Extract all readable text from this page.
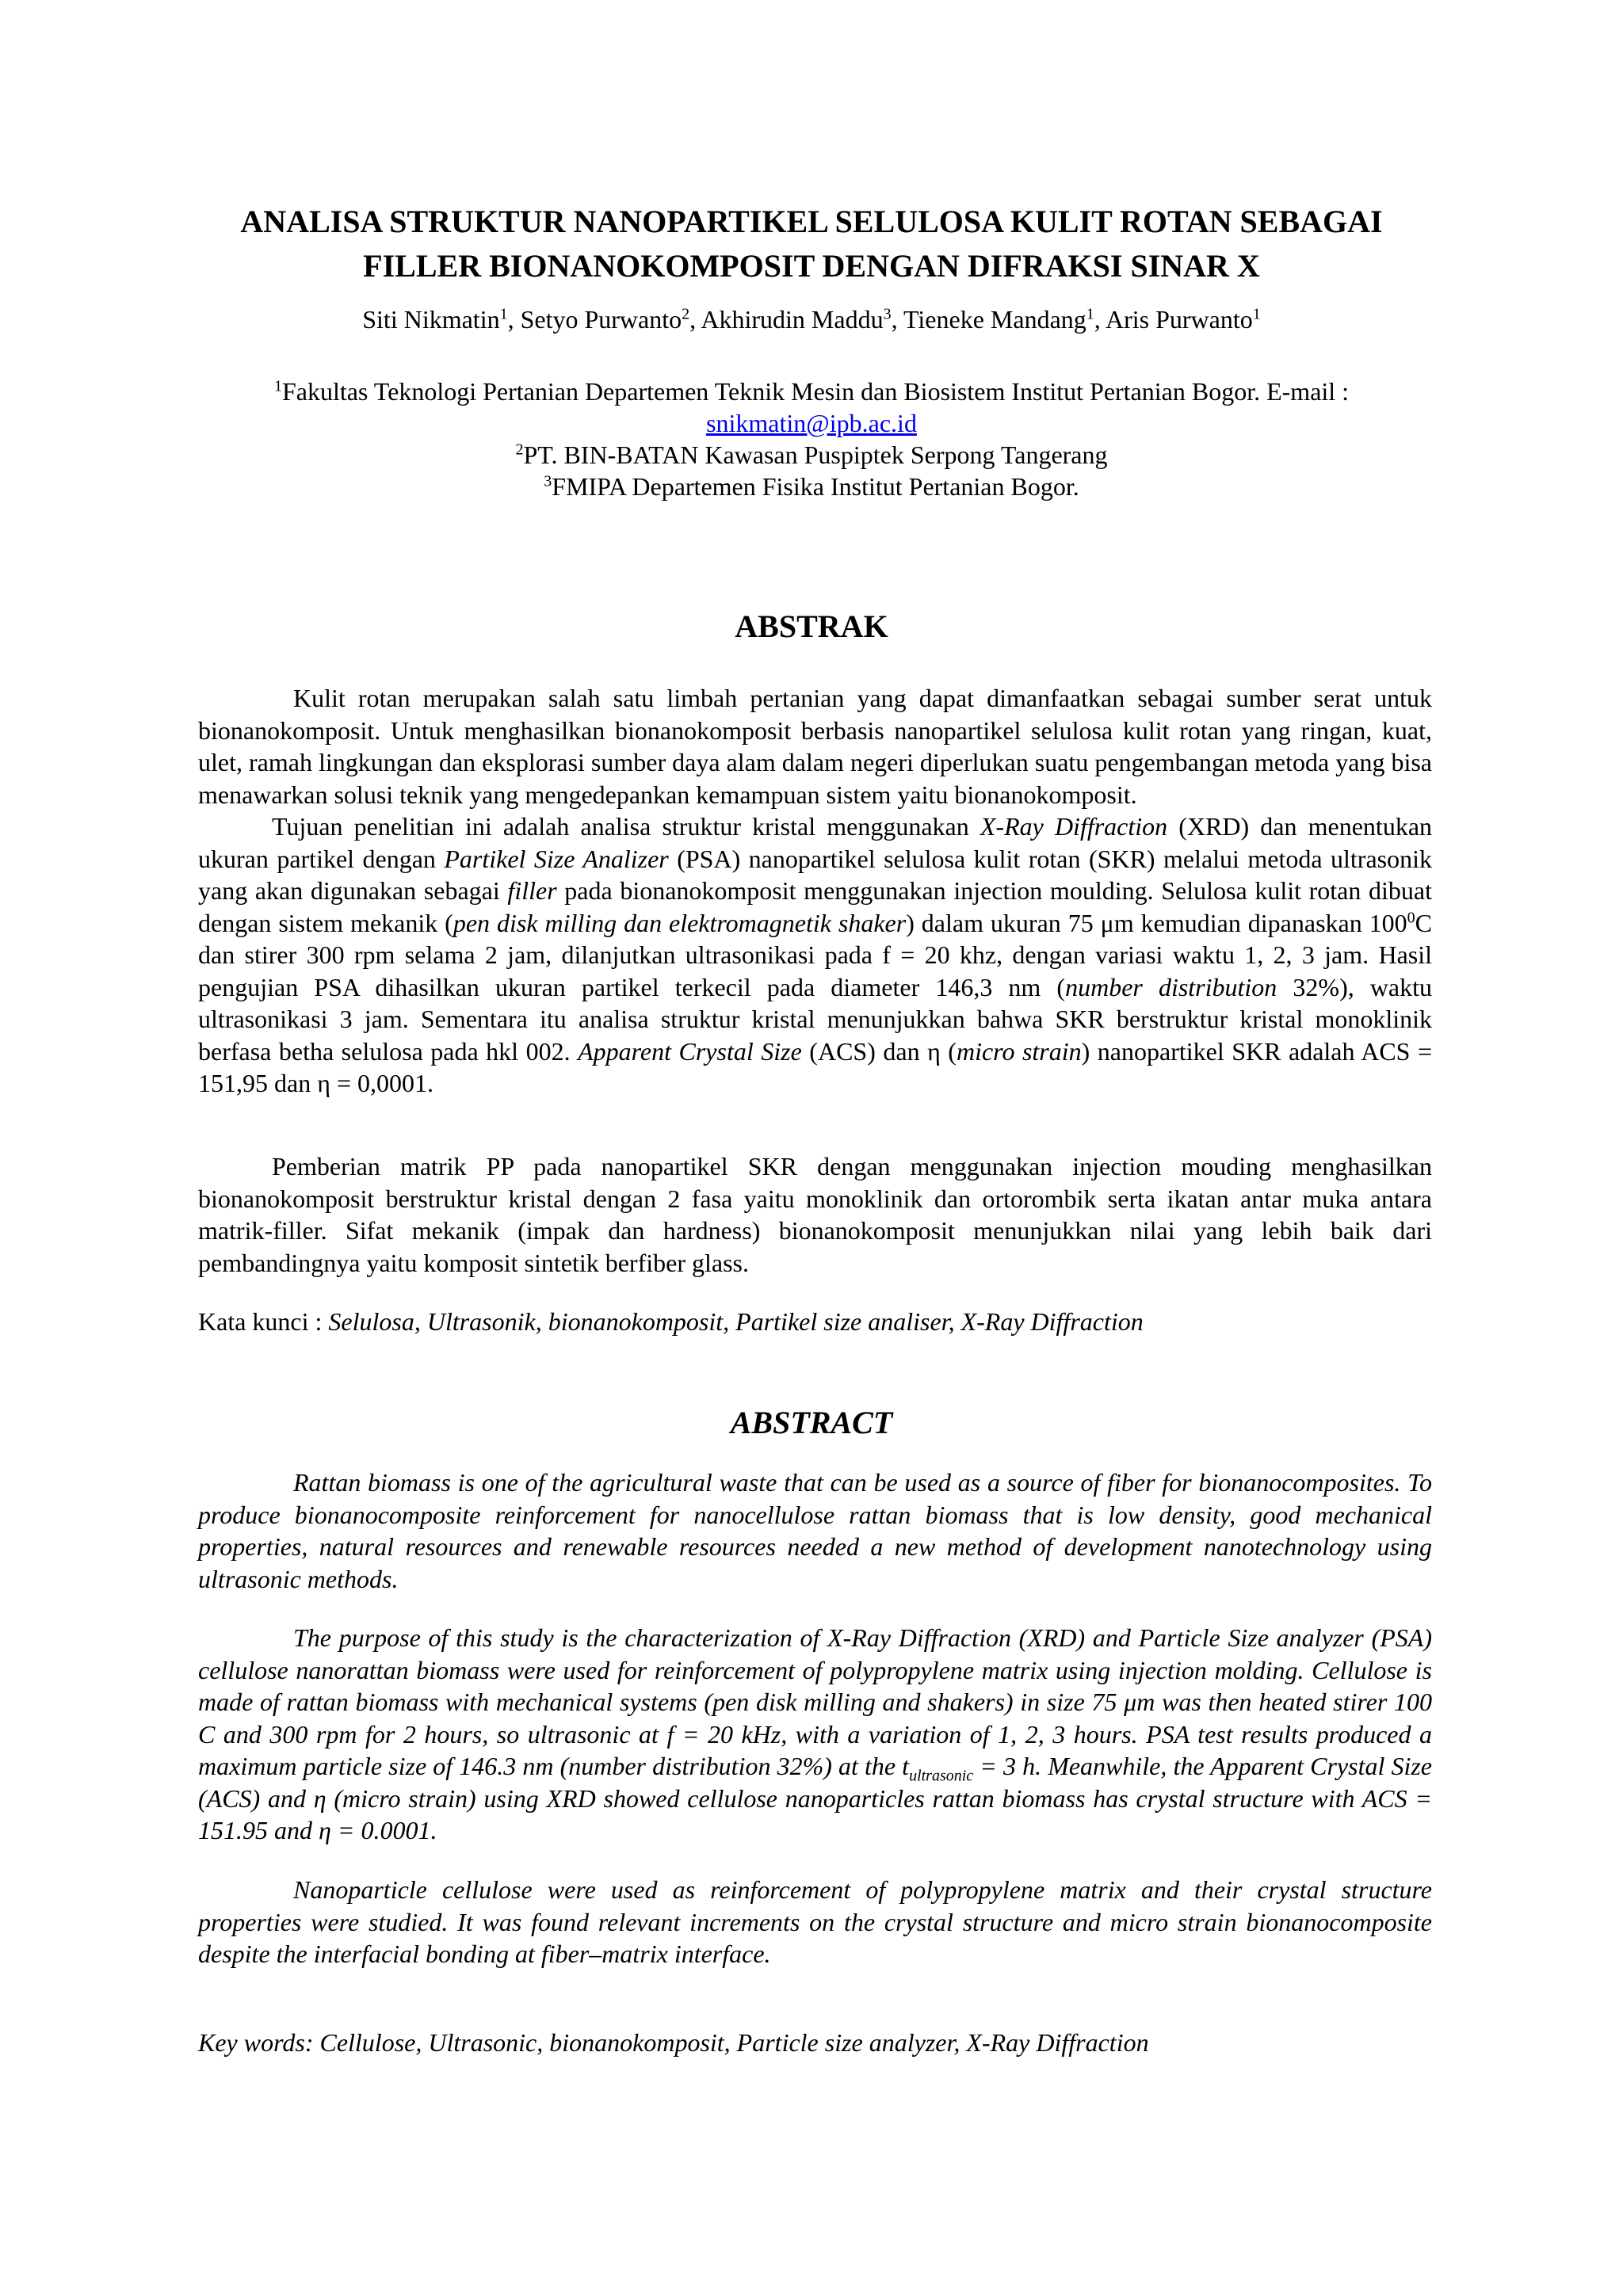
ANALISA STRUKTUR NANOPARTIKEL SELULOSA KULIT ROTAN SEBAGAI
FILLER BIONANOKOMPOSIT DENGAN DIFRAKSI SINAR X
Siti Nikmatin$^1$, Setyo Purwanto$^2$, Akhirudin Maddu$^3$, Tieneke Mandang$^1$, Aris Purwanto$^1$
$^1$Fakultas Teknologi Pertanian Departemen Teknik Mesin dan Biosistem Institut Pertanian Bogor. E-mail :
snikmatin@ipb.ac.id
$^2$PT. BIN-BATAN Kawasan Puspiptek Serpong Tangerang
$^3$FMIPA Departemen Fisika Institut Pertanian Bogor.
ABSTRAK

Kulit rotan merupakan salah satu limbah pertanian yang dapat dimanfaatkan sebagai sumber serat untuk bionanokomposit. Untuk menghasilkan bionanokomposit berbasis nanopartikel selulosa kulit rotan yang ringan, kuat, ulet, ramah lingkungan dan eksplorasi sumber daya alam dalam negeri diperlukan suatu pengembangan metoda yang bisa menawarkan solusi teknik yang mengedepankan kemampuan sistem yaitu bionanokomposit.

Tujuan penelitian ini adalah analisa struktur kristal menggunakan X-Ray Diffraction (XRD) dan menentukan ukuran partikel dengan Partikel Size Analizer (PSA) nanopartikel selulosa kulit rotan (SKR) melalui metoda ultrasonik yang akan digunakan sebagai filler pada bionanokomposit menggunakan injection moulding. Selulosa kulit rotan dibuat dengan sistem mekanik (pen disk milling dan elektromagnetik shaker) dalam ukuran 75 μm kemudian dipanaskan $100^0C$ dan stirer 300 rpm selama 2 jam, dilanjutkan ultrasonikasi pada f = 20 khz, dengan variasi waktu 1, 2, 3 jam. Hasil pengujian PSA dihasilkan ukuran partikel terkecil pada diameter 146,3 nm (number distribution 32%), waktu ultrasonikasi 3 jam. Sementara itu analisa struktur kristal menunjukkan bahwa SKR berstruktur kristal monoklinik berfasa betha selulosa pada hkl 002. Apparent Crystal Size (ACS) dan η (micro strain) nanopartikel SKR adalah ACS = 151,95 dan η = 0,0001.

Pemberian matrik PP pada nanopartikel SKR dengan menggunakan injection mouding menghasilkan bionanokomposit berstruktur kristal dengan 2 fasa yaitu monoklinik dan ortorombik serta ikatan antar muka antara matrik-filler. Sifat mekanik (impak dan hardness) bionanokomposit menunjukkan nilai yang lebih baik dari pembandingnya yaitu komposit sintetik berfiber glass.

Kata kunci : Selulosa, Ultrasonik, bionanokomposit, Partikel size analiser, X-Ray Diffraction
ABSTRACT

Rattan biomass is one of the agricultural waste that can be used as a source of fiber for bionanocomposites. To produce bionanocomposite reinforcement for nanocellulose rattan biomass that is low density, good mechanical properties, natural resources and renewable resources needed a new method of development nanotechnology using ultrasonic methods.

The purpose of this study is the characterization of X-Ray Diffraction (XRD) and Particle Size analyzer (PSA) cellulose nanorattan biomass were used for reinforcement of polypropylene matrix using injection molding. Cellulose is made of rattan biomass with mechanical systems (pen disk milling and shakers) in size 75 μm was then heated stirer 100 C and 300 rpm for 2 hours, so ultrasonic at f = 20 kHz, with a variation of 1, 2, 3 hours. PSA test results produced a maximum particle size of 146.3 nm (number distribution 32%) at the $t_{ultrasonic} = 3$ h. Meanwhile, the Apparent Crystal Size (ACS) and η (micro strain) using XRD showed cellulose nanoparticles rattan biomass has crystal structure with ACS = 151.95 and η = 0.0001.

Nanoparticle cellulose were used as reinforcement of polypropylene matrix and their crystal structure properties were studied. It was found relevant increments on the crystal structure and micro strain bionanocomposite despite the interfacial bonding at fiber–matrix interface.

Key words: Cellulose, Ultrasonic, bionanokomposit, Particle size analyzer, X-Ray Diffraction
